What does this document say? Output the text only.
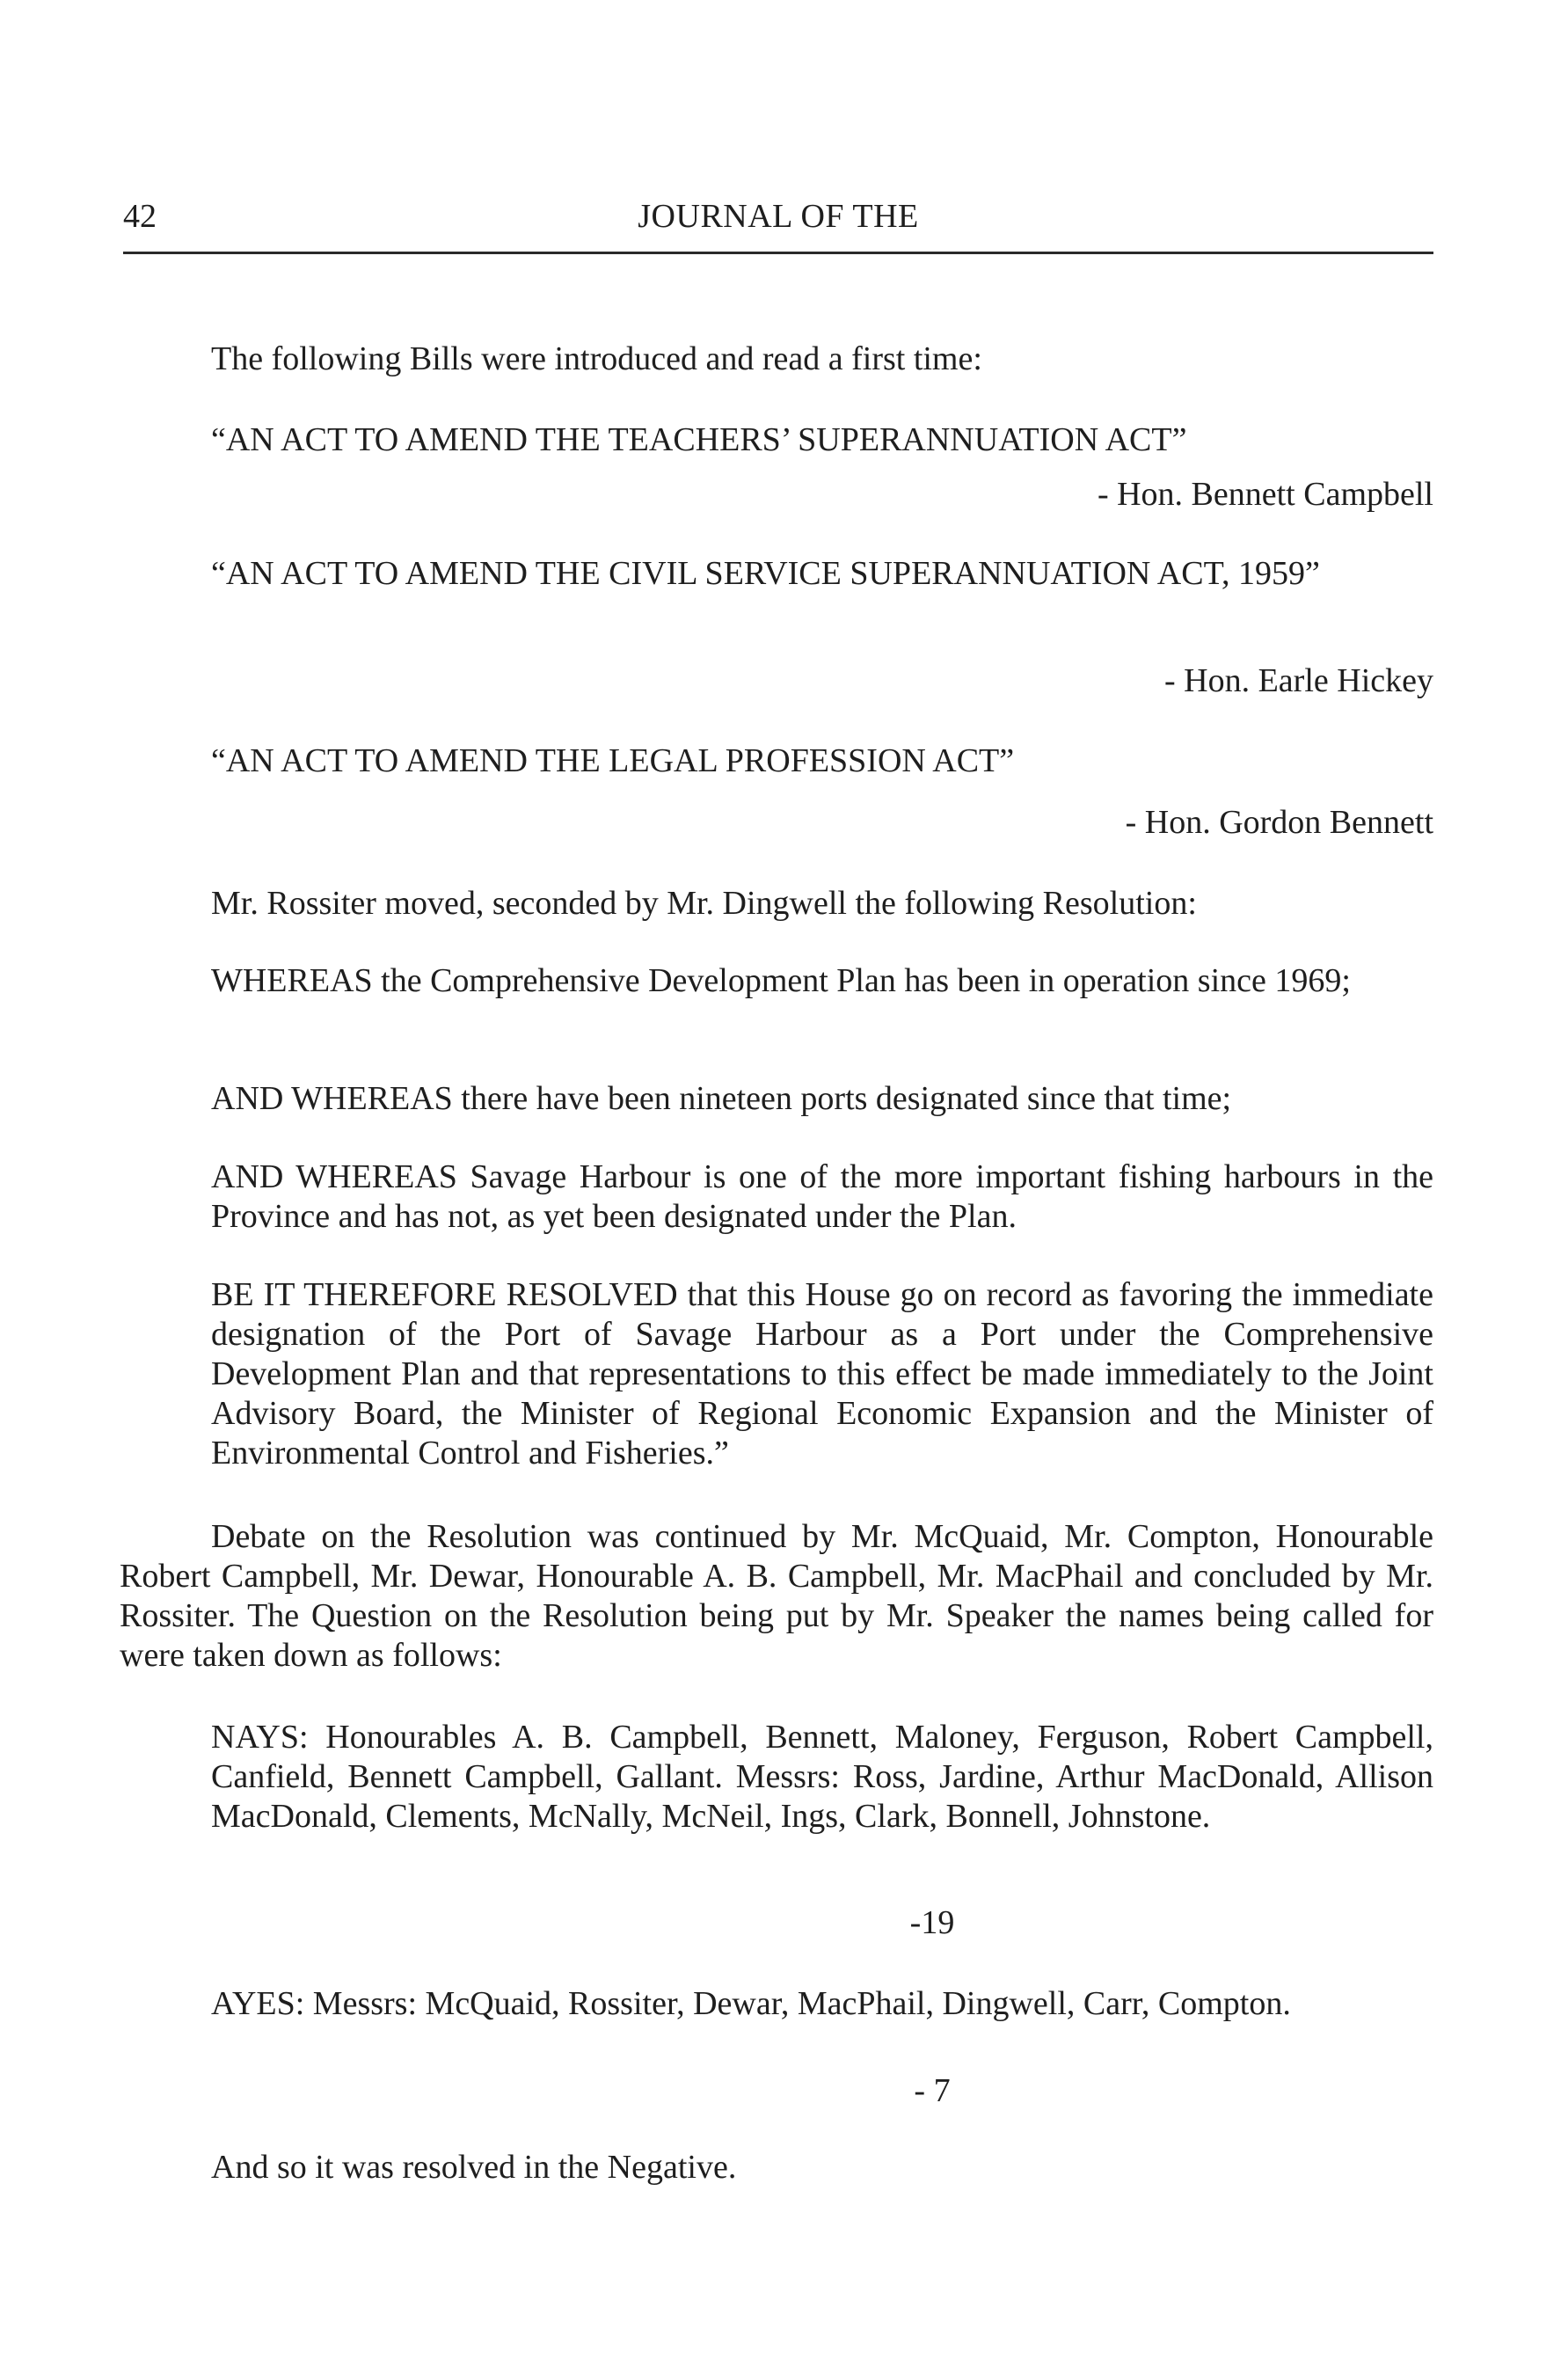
42	JOURNAL OF THE

The following Bills were introduced and read a first time:

“AN ACT TO AMEND THE TEACHERS’ SUPERANNUATION ACT”

- Hon. Bennett Campbell

“AN ACT TO AMEND THE CIVIL SERVICE SUPERANNUATION ACT, 1959”

- Hon. Earle Hickey

“AN ACT TO AMEND THE LEGAL PROFESSION ACT”

- Hon. Gordon Bennett

Mr. Rossiter moved, seconded by Mr. Dingwell the following Resolution:

WHEREAS the Comprehensive Development Plan has been in operation since 1969;

AND WHEREAS there have been nineteen ports designated since that time;

AND WHEREAS Savage Harbour is one of the more important fishing harbours in the Province and has not, as yet been designated under the Plan.

BE IT THEREFORE RESOLVED that this House go on record as favoring the immediate designation of the Port of Savage Harbour as a Port under the Comprehensive Development Plan and that representations to this effect be made immediately to the Joint Advisory Board, the Minister of Regional Economic Expansion and the Minister of Environmental Control and Fisheries.”

Debate on the Resolution was continued by Mr. McQuaid, Mr. Compton, Honourable Robert Campbell, Mr. Dewar, Honourable A. B. Campbell, Mr. MacPhail and concluded by Mr. Rossiter. The Question on the Resolution being put by Mr. Speaker the names being called for were taken down as follows:

NAYS: Honourables A. B. Campbell, Bennett, Maloney, Ferguson, Robert Campbell, Canfield, Bennett Campbell, Gallant. Messrs: Ross, Jardine, Arthur MacDonald, Allison MacDonald, Clements, McNally, McNeil, Ings, Clark, Bonnell, Johnstone.

-19

AYES: Messrs: McQuaid, Rossiter, Dewar, MacPhail, Dingwell, Carr, Compton.

- 7

And so it was resolved in the Negative.
